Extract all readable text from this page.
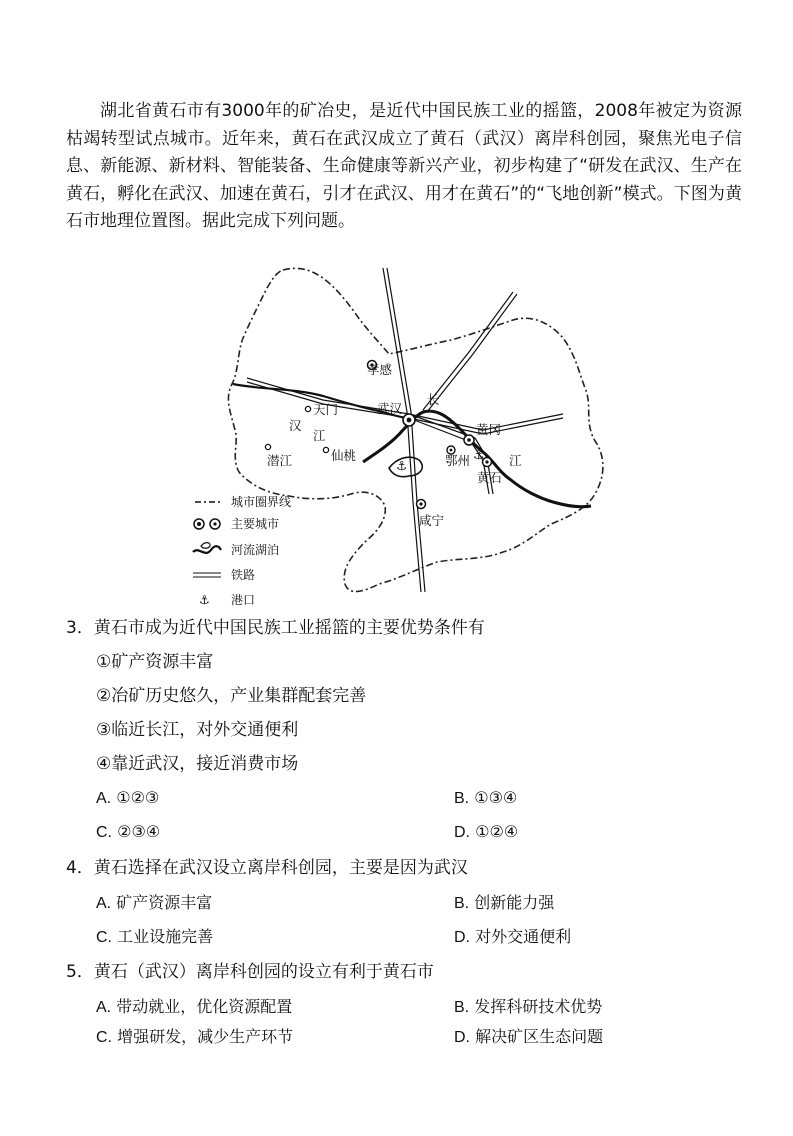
湖北省黄石市有3000年的矿冶史，是近代中国民族工业的摇篮，2008年被定为资源枯竭转型试点城市。近年来，黄石在武汉成立了黄石（武汉）离岸科创园，聚焦光电子信息、新能源、新材料、智能装备、生命健康等新兴产业，初步构建了“研发在武汉、生产在黄石，孵化在武汉、加速在黄石，引才在武汉、用才在黄石”的“飞地创新”模式。下图为黄石市地理位置图。据此完成下列问题。

⚓
⚓
孝感
武汉
天门
潜江	仙桃
黄冈
鄂州
黄石
咸宁
汉
江
长
江
城市圈界线
主要城市
河流湖泊
铁路
⚓ 港口
3．黄石市成为近代中国民族工业摇篮的主要优势条件有
①矿产资源丰富
②冶矿历史悠久，产业集群配套完善
③临近长江，对外交通便利
④靠近武汉，接近消费市场
A. ①②③	B. ①③④
C. ②③④	D. ①②④
4．黄石选择在武汉设立离岸科创园，主要是因为武汉
A. 矿产资源丰富	B. 创新能力强
C. 工业设施完善	D. 对外交通便利
5．黄石（武汉）离岸科创园的设立有利于黄石市
A. 带动就业，优化资源配置	B. 发挥科研技术优势
C. 增强研发，减少生产环节	D. 解决矿区生态问题
